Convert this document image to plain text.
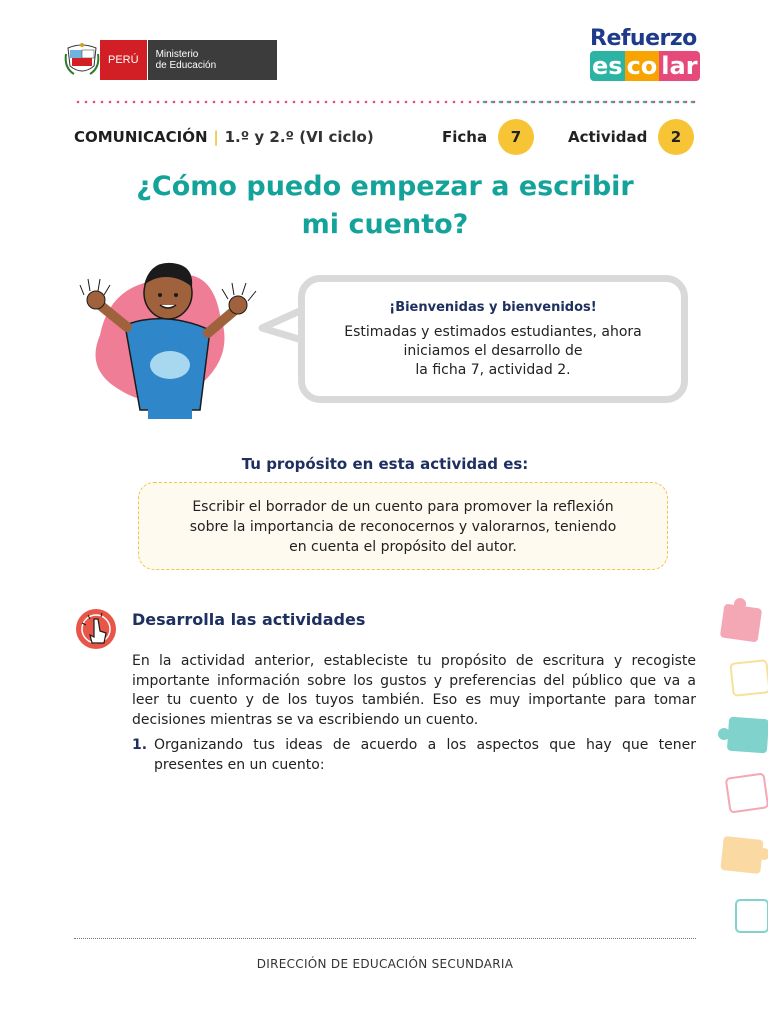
PERÚ	Ministerio
de Educación
Refuerzo
es co lar
COMUNICACIÓN | 1.º y 2.º (VI ciclo)	Ficha	7	Actividad	2
¿Cómo puedo empezar a escribir
mi cuento?
¡Bienvenidas y bienvenidos!

Estimadas y estimados estudiantes, ahora
iniciamos el desarrollo de
la ficha 7, actividad 2.

Tu propósito en esta actividad es:
Escribir el borrador de un cuento para promover la reflexión
sobre la importancia de reconocernos y valorarnos, teniendo
en cuenta el propósito del autor.
Desarrolla las actividades
En la actividad anterior, estableciste tu propósito de escritura y recogiste importante información sobre los gustos y preferencias del público que va a leer tu cuento y de los tuyos también. Eso es muy importante para tomar decisiones mientras se va escribiendo un cuento.
1. Organizando tus ideas de acuerdo a los aspectos que hay que tener presentes en un cuento:
DIRECCIÓN DE EDUCACIÓN SECUNDARIA
